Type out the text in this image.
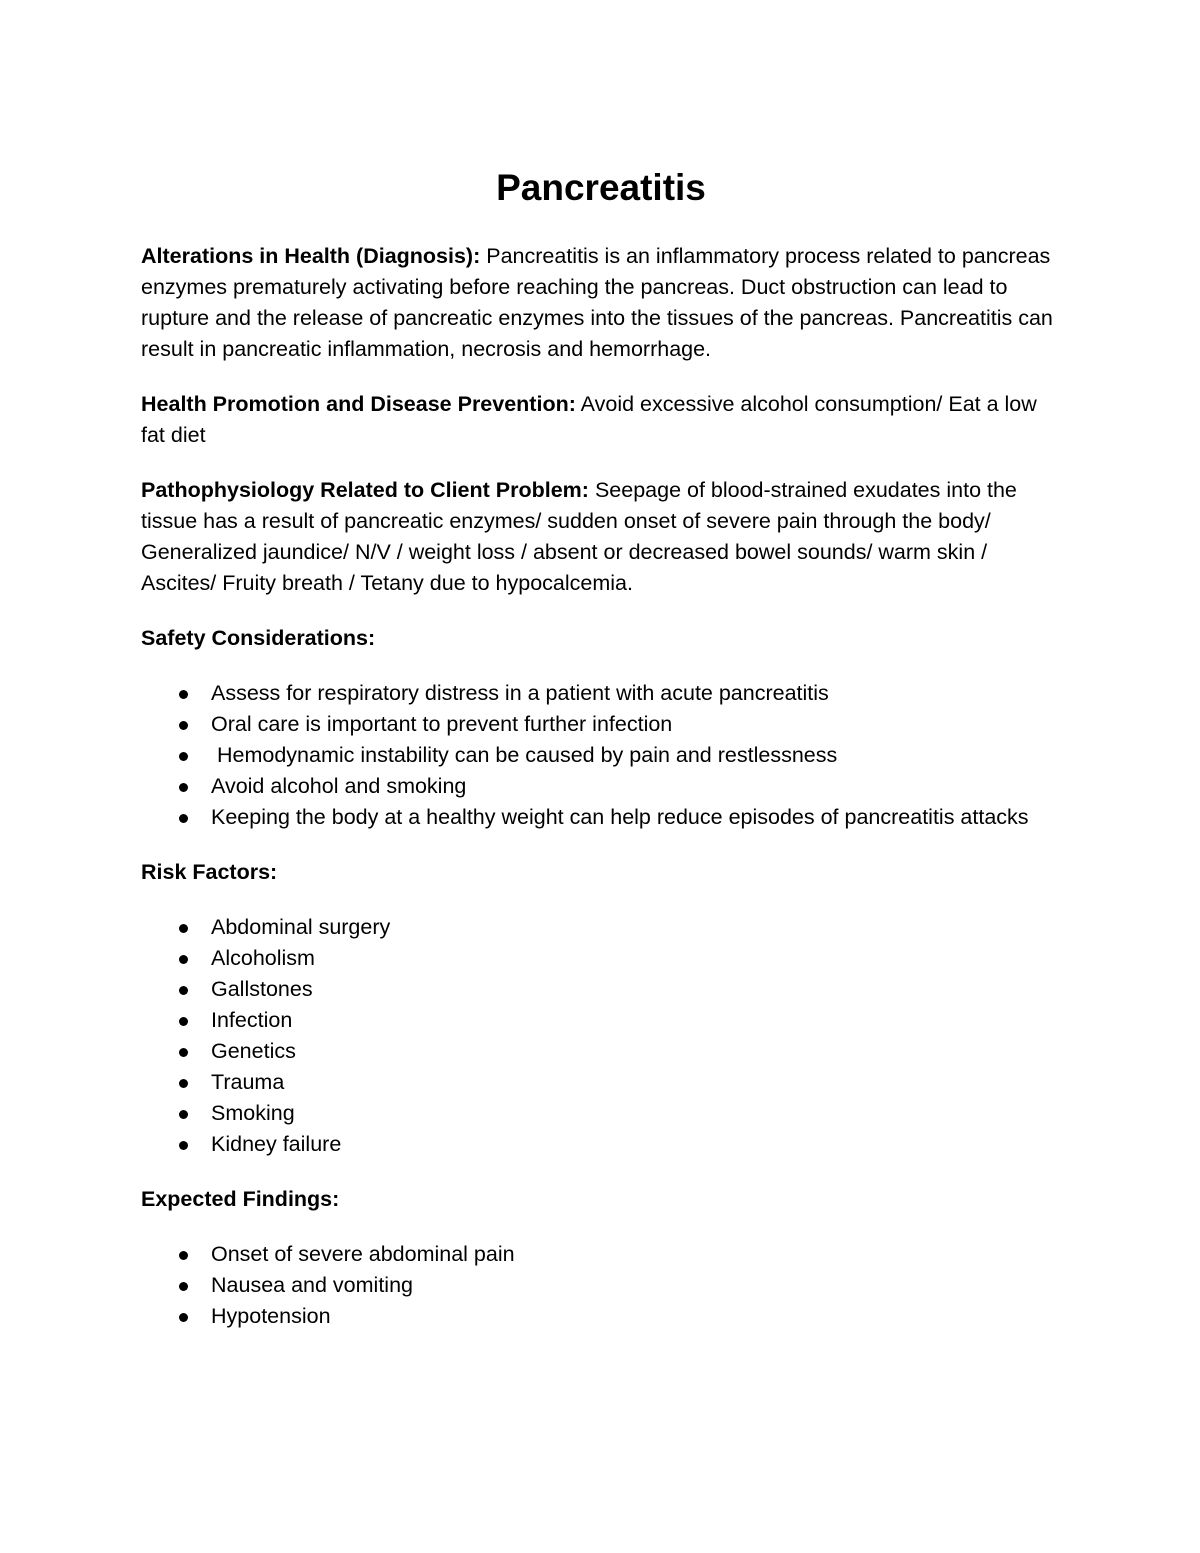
Pancreatitis

Alterations in Health (Diagnosis): Pancreatitis is an inflammatory process related to pancreas enzymes prematurely activating before reaching the pancreas. Duct obstruction can lead to rupture and the release of pancreatic enzymes into the tissues of the pancreas. Pancreatitis can result in pancreatic inflammation, necrosis and hemorrhage.

Health Promotion and Disease Prevention: Avoid excessive alcohol consumption/ Eat a low fat diet

Pathophysiology Related to Client Problem: Seepage of blood-strained exudates into the tissue has a result of pancreatic enzymes/ sudden onset of severe pain through the body/ Generalized jaundice/ N/V / weight loss / absent or decreased bowel sounds/ warm skin / Ascites/ Fruity breath / Tetany due to hypocalcemia.

Safety Considerations:
Assess for respiratory distress in a patient with acute pancreatitis
Oral care is important to prevent further infection
Hemodynamic instability can be caused by pain and restlessness
Avoid alcohol and smoking
Keeping the body at a healthy weight can help reduce episodes of pancreatitis attacks
Risk Factors:
Abdominal surgery
Alcoholism
Gallstones
Infection
Genetics
Trauma
Smoking
Kidney failure
Expected Findings:
Onset of severe abdominal pain
Nausea and vomiting
Hypotension
